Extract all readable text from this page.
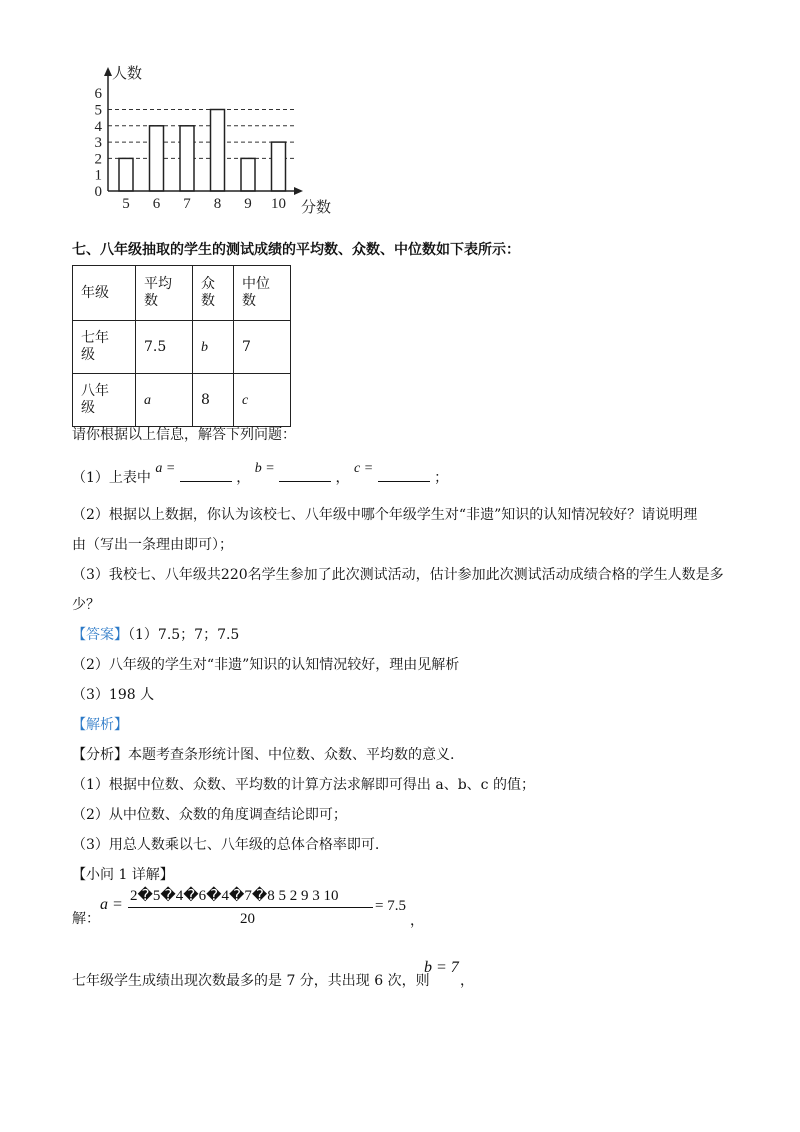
0
1
2
3
4
5
6
5 6 7 8 9 10
人数
分数
七、八年级抽取的学生的测试成绩的平均数、众数、中位数如下表所示：
年级	平均数	众数	中位数

七年级	7.5	b	7

八年级	a	8	c
请你根据以上信息，解答下列问题：
（1）上表中 a =  ， b =  ， c =  ；
（2）根据以上数据，你认为该校七、八年级中哪个年级学生对“非遗”知识的认知情况较好？请说明理
由（写出一条理由即可）；
（3）我校七、八年级共220名学生参加了此次测试活动，估计参加此次测试活动成绩合格的学生人数是多
少？
【答案】（1）7.5；7；7.5
（2）八年级的学生对“非遗”知识的认知情况较好，理由见解析
（3）198 人
【解析】
【分析】本题考查条形统计图、中位数、众数、平均数的意义.
（1）根据中位数、众数、平均数的计算方法求解即可得出 a、b、c 的值；
（2）从中位数、众数的角度调查结论即可；
（3）用总人数乘以七、八年级的总体合格率即可.
【小问 1 详解】
解：
a = 2�5�4�6�4�7�8 5 2 9 3 10
20
= 7.5
，
七年级学生成绩出现次数最多的是 7 分，共出现 6 次，则
b = 7
，
